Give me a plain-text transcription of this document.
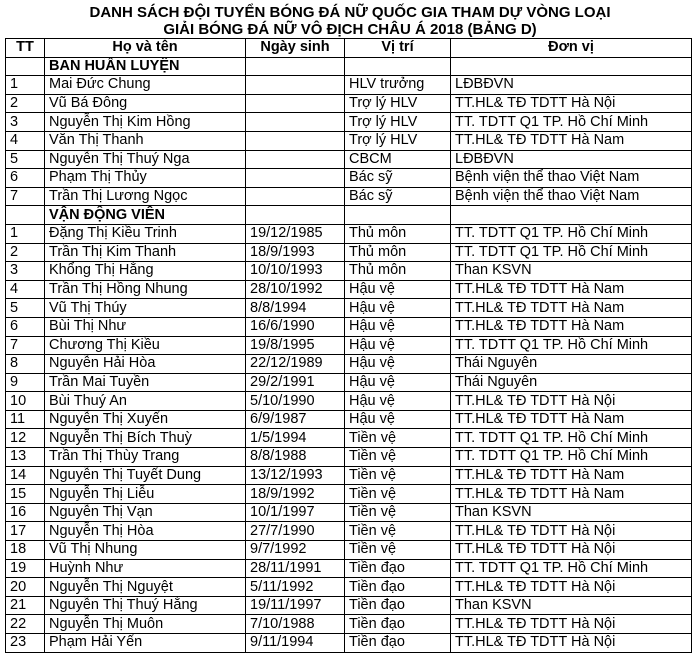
DANH SÁCH ĐỘI TUYỂN BÓNG ĐÁ NỮ QUỐC GIA THAM DỰ VÒNG LOẠI
GIẢI BÓNG ĐÁ NỮ VÔ ĐỊCH CHÂU Á 2018 (BẢNG D)
TT	Họ và tên	Ngày sinh	Vị trí	Đơn vị
	BAN HUẤN LUYỆN			
1	Mai Đức Chung		HLV trưởng	LĐBĐVN
2	Vũ Bá Đông		Trợ lý HLV	TT.HL& TĐ TDTT Hà Nội
3	Nguyễn Thị Kim Hồng		Trợ lý HLV	TT. TDTT Q1 TP. Hồ Chí Minh
4	Văn Thị Thanh		Trợ lý HLV	TT.HL& TĐ TDTT Hà Nam
5	Nguyễn Thị Thuý Nga		CBCM	LĐBĐVN
6	Phạm Thị Thủy		Bác sỹ	Bệnh viện thể thao Việt Nam
7	Trần Thị Lương Ngọc		Bác sỹ	Bệnh viện thể thao Việt Nam
	VẬN ĐỘNG VIÊN			
1	Đặng Thị Kiều Trinh	19/12/1985	Thủ môn	TT. TDTT Q1 TP. Hồ Chí Minh
2	Trần Thị Kim Thanh	18/9/1993	Thủ môn	TT. TDTT Q1 TP. Hồ Chí Minh
3	Khổng Thị Hằng	10/10/1993	Thủ môn	Than KSVN
4	Trần Thị Hồng Nhung	28/10/1992	Hậu vệ	TT.HL& TĐ TDTT Hà Nam
5	Vũ Thị Thúy	8/8/1994	Hậu vệ	TT.HL& TĐ TDTT Hà Nam
6	Bùi Thị Như	16/6/1990	Hậu vệ	TT.HL& TĐ TDTT Hà Nam
7	Chương Thị Kiều	19/8/1995	Hậu vệ	TT. TDTT Q1 TP. Hồ Chí Minh
8	Nguyễn Hải Hòa	22/12/1989	Hậu vệ	Thái Nguyên
9	Trần Mai Tuyền	29/2/1991	Hậu vệ	Thái Nguyên
10	Bùi Thuý An	5/10/1990	Hậu vệ	TT.HL& TĐ TDTT Hà Nội
11	Nguyễn Thị Xuyến	6/9/1987	Hậu vệ	TT.HL& TĐ TDTT Hà Nam
12	Nguyễn Thị Bích Thuỳ	1/5/1994	Tiền vệ	TT. TDTT Q1 TP. Hồ Chí Minh
13	Trần Thị Thùy Trang	8/8/1988	Tiền vệ	TT. TDTT Q1 TP. Hồ Chí Minh
14	Nguyễn Thị Tuyết Dung	13/12/1993	Tiền vệ	TT.HL& TĐ TDTT Hà Nam
15	Nguyễn Thị Liễu	18/9/1992	Tiền vệ	TT.HL& TĐ TDTT Hà Nam
16	Nguyễn Thị Vạn	10/1/1997	Tiền vệ	Than KSVN
17	Nguyễn Thị Hòa	27/7/1990	Tiền vệ	TT.HL& TĐ TDTT Hà Nội
18	Vũ Thị Nhung	9/7/1992	Tiền vệ	TT.HL& TĐ TDTT Hà Nội
19	Huỳnh Như	28/11/1991	Tiền đạo	TT. TDTT Q1 TP. Hồ Chí Minh
20	Nguyễn Thị Nguyệt	5/11/1992	Tiền đạo	TT.HL& TĐ TDTT Hà Nội
21	Nguyễn Thị Thuý Hằng	19/11/1997	Tiền đạo	Than KSVN
22	Nguyễn Thị Muôn	7/10/1988	Tiền đạo	TT.HL& TĐ TDTT Hà Nội
23	Phạm Hải Yến	9/11/1994	Tiền đạo	TT.HL& TĐ TDTT Hà Nội
